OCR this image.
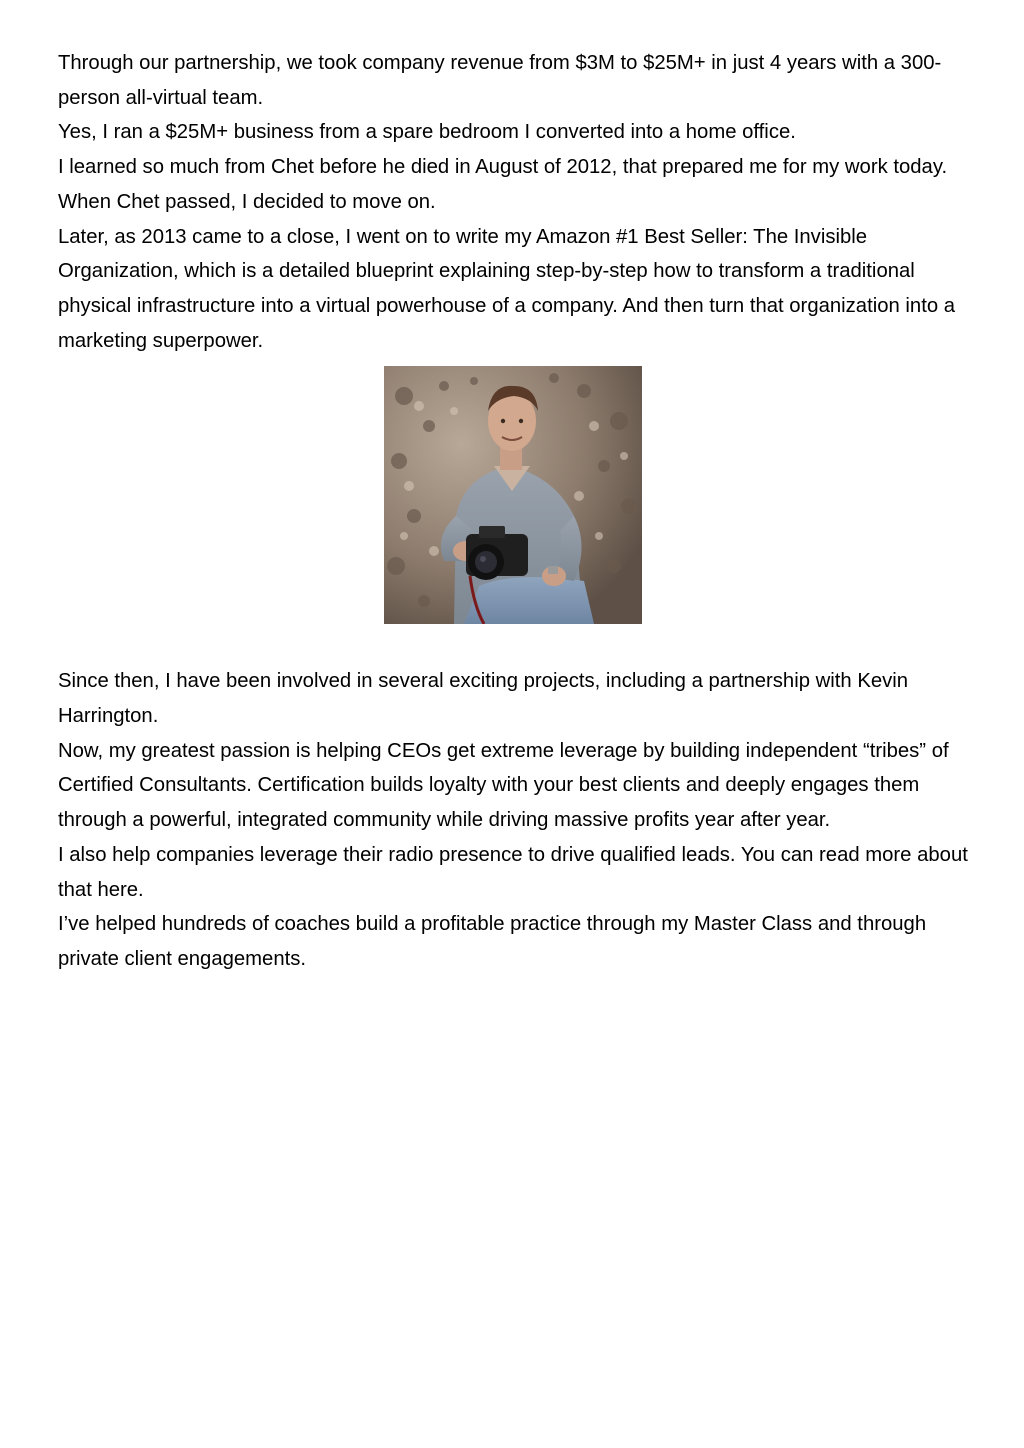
Through our partnership, we took company revenue from $3M to $25M+ in just 4 years with a 300-person all-virtual team.

Yes, I ran a $25M+ business from a spare bedroom I converted into a home office.

I learned so much from Chet before he died in August of 2012, that prepared me for my work today. When Chet passed, I decided to move on.

Later, as 2013 came to a close, I went on to write my Amazon #1 Best Seller: The Invisible Organization, which is a detailed blueprint explaining step-by-step how to transform a traditional physical infrastructure into a virtual powerhouse of a company. And then turn that organization into a marketing superpower.

Since then, I have been involved in several exciting projects, including a partnership with Kevin Harrington.

Now, my greatest passion is helping CEOs get extreme leverage by building independent “tribes” of Certified Consultants. Certification builds loyalty with your best clients and deeply engages them through a powerful, integrated community while driving massive profits year after year.

I also help companies leverage their radio presence to drive qualified leads. You can read more about that here.

I’ve helped hundreds of coaches build a profitable practice through my Master Class and through private client engagements.
